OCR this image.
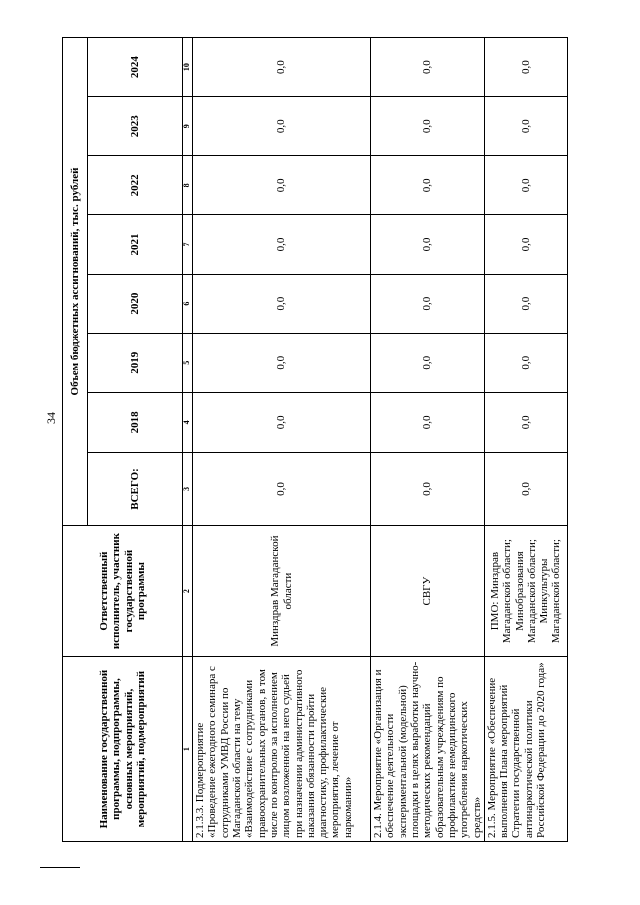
34
Наименование государственной программы, подпрограммы, основных мероприятий, мероприятий, подмероприятий	Ответственный исполнитель, участник государственной программы	Объем бюджетных ассигнований, тыс. рублей							
		ВСЕГО:	2018	2019	2020	2021	2022	2023	2024
1	2	3	4	5	6	7	8	9	10
2.1.3.3. Подмероприятие «Проведение ежегодного семинара с сотрудниками УМВД России по Магаданской области на тему «Взаимодействие с сотрудниками правоохранительных органов, в том числе по контролю за исполнением лицом возложенной на него судьей при назначении административного наказания обязанности пройти диагностику, профилактические мероприятия, лечение от наркомании»	Минздрав Магаданской области	0,0	0,0	0,0	0,0	0,0	0,0	0,0	0,0
2.1.4. Мероприятие «Организация и обеспечение деятельности экспериментальной (модельной) площадки в целях выработки научно-методических рекомендаций образовательным учреждениям по профилактике немедицинского употребления наркотических средств»	СВГУ	0,0	0,0	0,0	0,0	0,0	0,0	0,0	0,0
2.1.5. Мероприятие «Обеспечение выполнения Плана мероприятий Стратегии государственной антинаркотической политики Российской Федерации до 2020 года»	ПМО: Минздрав Магаданской области; Минобразования Магаданской области; Минкультуры Магаданской области;	0,0	0,0	0,0	0,0	0,0	0,0	0,0	0,0
